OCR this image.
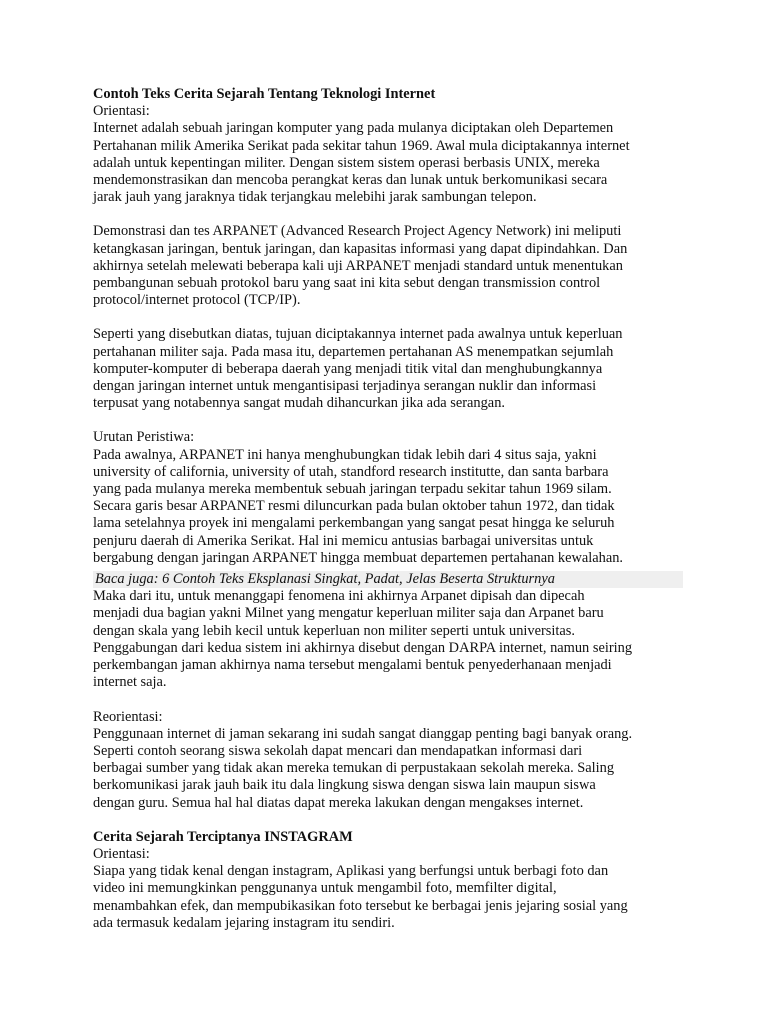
Contoh Teks Cerita Sejarah Tentang Teknologi Internet
Orientasi:
Internet adalah sebuah jaringan komputer yang pada mulanya diciptakan oleh Departemen
Pertahanan milik Amerika Serikat pada sekitar tahun 1969. Awal mula diciptakannya internet
adalah untuk kepentingan militer. Dengan sistem sistem operasi berbasis UNIX, mereka
mendemonstrasikan dan mencoba perangkat keras dan lunak untuk berkomunikasi secara
jarak jauh yang jaraknya tidak terjangkau melebihi jarak sambungan telepon.
Demonstrasi dan tes ARPANET (Advanced Research Project Agency Network) ini meliputi
ketangkasan jaringan, bentuk jaringan, dan kapasitas informasi yang dapat dipindahkan. Dan
akhirnya setelah melewati beberapa kali uji ARPANET menjadi standard untuk menentukan
pembangunan sebuah protokol baru yang saat ini kita sebut dengan transmission control
protocol/internet protocol (TCP/IP).
Seperti yang disebutkan diatas, tujuan diciptakannya internet pada awalnya untuk keperluan
pertahanan militer saja. Pada masa itu, departemen pertahanan AS menempatkan sejumlah
komputer-komputer di beberapa daerah yang menjadi titik vital dan menghubungkannya
dengan jaringan internet untuk mengantisipasi terjadinya serangan nuklir dan informasi
terpusat yang notabennya sangat mudah dihancurkan jika ada serangan.
Urutan Peristiwa:
Pada awalnya, ARPANET ini hanya menghubungkan tidak lebih dari 4 situs saja, yakni
university of california, university of utah, standford research institutte, dan santa barbara
yang pada mulanya mereka membentuk sebuah jaringan terpadu sekitar tahun 1969 silam.
Secara garis besar ARPANET resmi diluncurkan pada bulan oktober tahun 1972, dan tidak
lama setelahnya proyek ini mengalami perkembangan yang sangat pesat hingga ke seluruh
penjuru daerah di Amerika Serikat. Hal ini memicu antusias barbagai universitas untuk
bergabung dengan jaringan ARPANET hingga membuat departemen pertahanan kewalahan.
Baca juga: 6 Contoh Teks Eksplanasi Singkat, Padat, Jelas Beserta Strukturnya
Maka dari itu, untuk menanggapi fenomena ini akhirnya Arpanet dipisah dan dipecah
menjadi dua bagian yakni Milnet yang mengatur keperluan militer saja dan Arpanet baru
dengan skala yang lebih kecil untuk keperluan non militer seperti untuk universitas.
Penggabungan dari kedua sistem ini akhirnya disebut dengan DARPA internet, namun seiring
perkembangan jaman akhirnya nama tersebut mengalami bentuk penyederhanaan menjadi
internet saja.
Reorientasi:
Penggunaan internet di jaman sekarang ini sudah sangat dianggap penting bagi banyak orang.
Seperti contoh seorang siswa sekolah dapat mencari dan mendapatkan informasi dari
berbagai sumber yang tidak akan mereka temukan di perpustakaan sekolah mereka. Saling
berkomunikasi jarak jauh baik itu dala lingkung siswa dengan siswa lain maupun siswa
dengan guru. Semua hal hal diatas dapat mereka lakukan dengan mengakses internet.
Cerita Sejarah Terciptanya INSTAGRAM
Orientasi:
Siapa yang tidak kenal dengan instagram, Aplikasi yang berfungsi untuk berbagi foto dan
video ini memungkinkan penggunanya untuk mengambil foto, memfilter digital,
menambahkan efek, dan mempubikasikan foto tersebut ke berbagai jenis jejaring sosial yang
ada termasuk kedalam jejaring instagram itu sendiri.
